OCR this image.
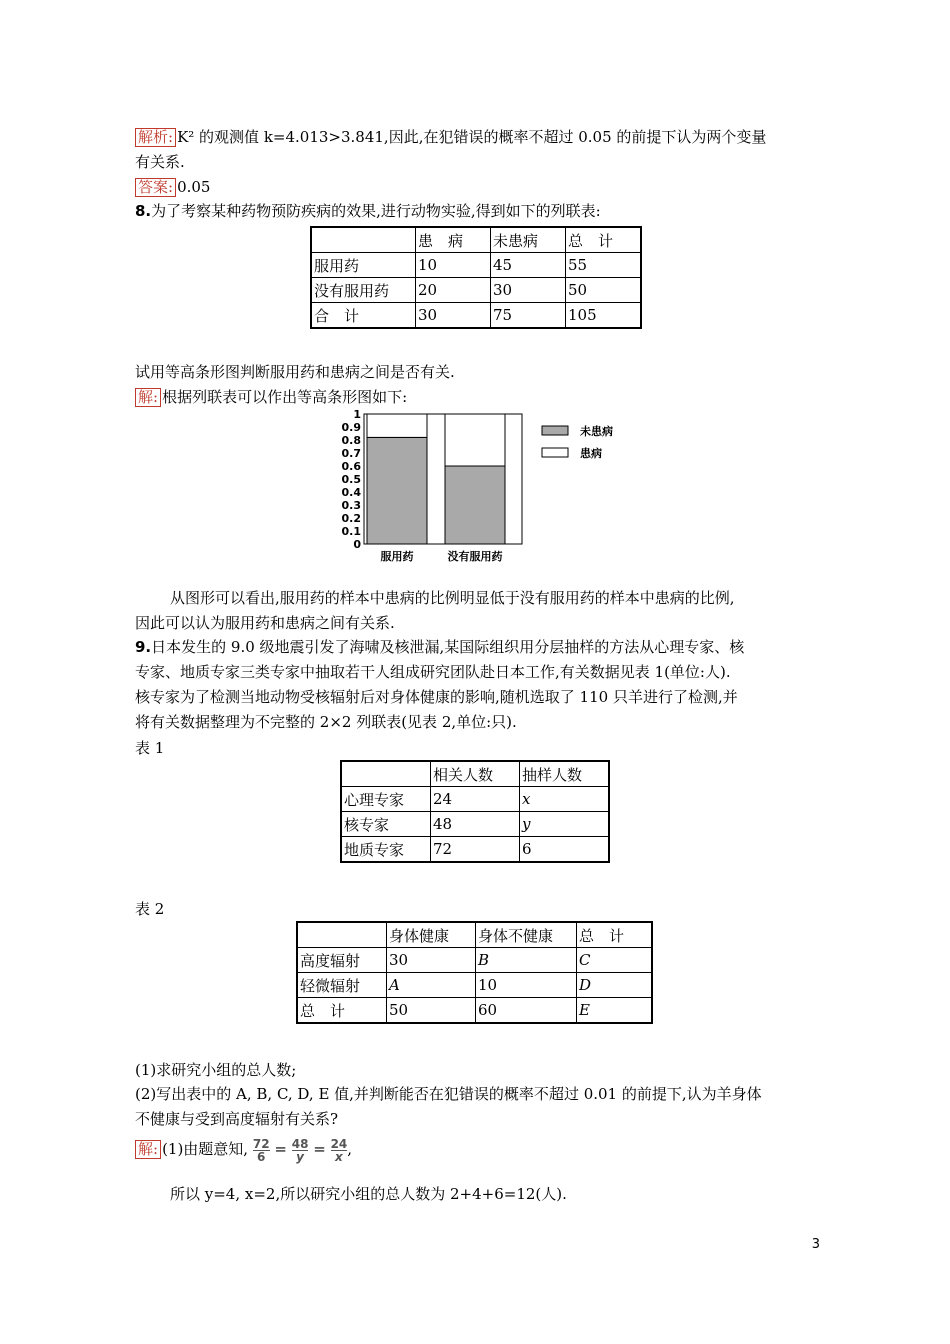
解析: K² 的观测值 k=4.013>3.841,因此,在犯错误的概率不超过 0.05 的前提下认为两个变量
有关系.
答案: 0.05
8.为了考察某种药物预防疾病的效果,进行动物实验,得到如下的列联表:
	患　病	未患病	总　计
服用药	10	45	55
没有服用药	20	30	50
合　计	30	75	105
试用等高条形图判断服用药和患病之间是否有关.
解: 根据列联表可以作出等高条形图如下:
0
0.1
0.2
0.3
0.4
0.5
0.6
0.7
0.8
0.9
1
服用药	没有服用药
未患病
患病
从图形可以看出,服用药的样本中患病的比例明显低于没有服用药的样本中患病的比例,
因此可以认为服用药和患病之间有关系.
9.日本发生的 9.0 级地震引发了海啸及核泄漏,某国际组织用分层抽样的方法从心理专家、核
专家、地质专家三类专家中抽取若干人组成研究团队赴日本工作,有关数据见表 1(单位:人).
核专家为了检测当地动物受核辐射后对身体健康的影响,随机选取了 110 只羊进行了检测,并
将有关数据整理为不完整的 2×2 列联表(见表 2,单位:只).
表 1
	相关人数	抽样人数
心理专家	24	x
核专家	48	y
地质专家	72	6
表 2
	身体健康	身体不健康	总　计
高度辐射	30	B	C
轻微辐射	A	10	D
总　计	50	60	E
(1)求研究小组的总人数;
(2)写出表中的 A, B, C, D, E 值,并判断能否在犯错误的概率不超过 0.01 的前提下,认为羊身体
不健康与受到高度辐射有关系?
解: (1)由题意知, $\frac{72}{6} = \frac{48}{y} = \frac{24}{x}$ ,
所以 y=4, x=2,所以研究小组的总人数为 2+4+6=12(人).
3
